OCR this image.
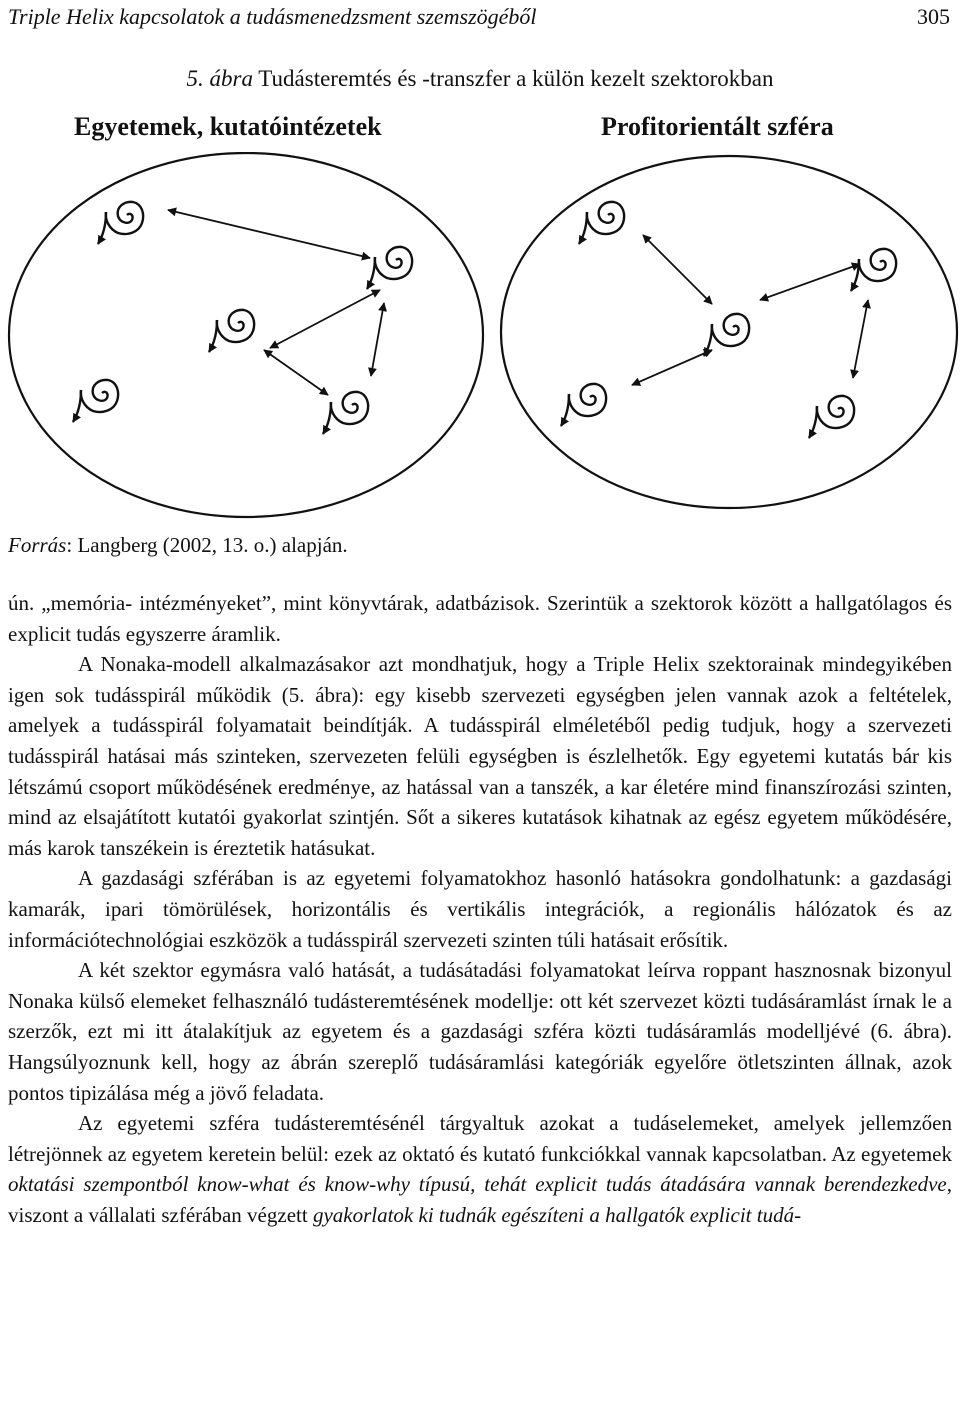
Triple Helix kapcsolatok a tudásmenedzsment szemszögéből	305
5. ábra Tudásteremtés és -transzfer a külön kezelt szektorokban
Egyetemek, kutatóintézetek	Profitorientált szféra
Forrás: Langberg (2002, 13. o.) alapján.

ún. „memória- intézményeket”, mint könyvtárak, adatbázisok. Szerintük a szektorok között a hallgatólagos és explicit tudás egyszerre áramlik.

A Nonaka-modell alkalmazásakor azt mondhatjuk, hogy a Triple Helix szektorainak mindegyikében igen sok tudásspirál működik (5. ábra): egy kisebb szervezeti egységben jelen vannak azok a feltételek, amelyek a tudásspirál folyamatait beindítják. A tudásspirál elméletéből pedig tudjuk, hogy a szervezeti tudásspirál hatásai más szinteken, szervezeten felüli egységben is észlelhetők. Egy egyetemi kutatás bár kis létszámú csoport működésének eredménye, az hatással van a tanszék, a kar életére mind finanszírozási szinten, mind az elsajátított kutatói gyakorlat szintjén. Sőt a sikeres kutatások kihatnak az egész egyetem működésére, más karok tanszékein is éreztetik hatásukat.

A gazdasági szférában is az egyetemi folyamatokhoz hasonló hatásokra gondolhatunk: a gazdasági kamarák, ipari tömörülések, horizontális és vertikális integrációk, a regionális hálózatok és az információtechnológiai eszközök a tudásspirál szervezeti szinten túli hatásait erősítik.

A két szektor egymásra való hatását, a tudásátadási folyamatokat leírva roppant hasznosnak bizonyul Nonaka külső elemeket felhasználó tudásteremtésének modellje: ott két szervezet közti tudásáramlást írnak le a szerzők, ezt mi itt átalakítjuk az egyetem és a gazdasági szféra közti tudásáramlás modelljévé (6. ábra). Hangsúlyoznunk kell, hogy az ábrán szereplő tudásáramlási kategóriák egyelőre ötletszinten állnak, azok pontos tipizálása még a jövő feladata.

Az egyetemi szféra tudásteremtésénél tárgyaltuk azokat a tudáselemeket, amelyek jellemzően létrejönnek az egyetem keretein belül: ezek az oktató és kutató funkciókkal vannak kapcsolatban. Az egyetemek oktatási szempontból know-what és know-why típusú, tehát explicit tudás átadására vannak berendezkedve, viszont a vállalati szférában végzett gyakorlatok ki tudnák egészíteni a hallgatók explicit tudá-
